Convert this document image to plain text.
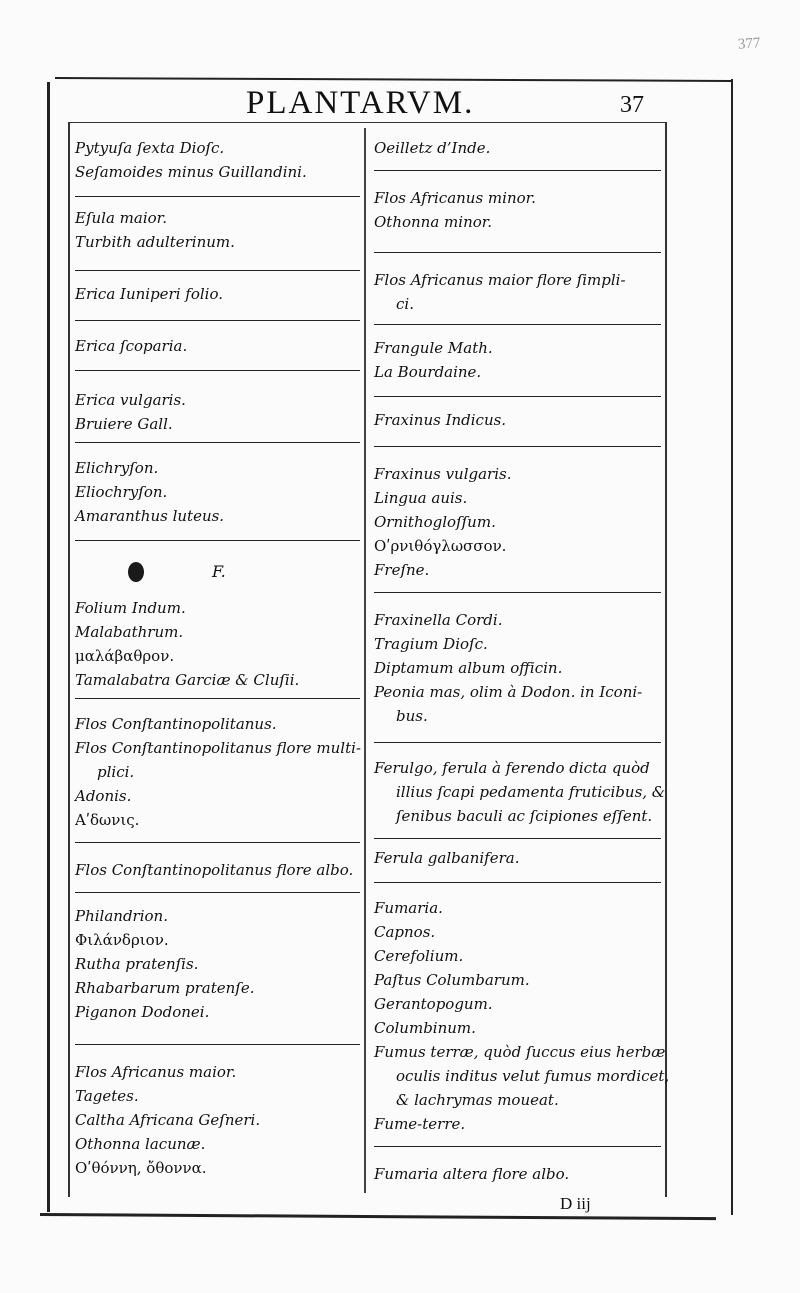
377
PLANTARVM.	37
Pytyuſa ſexta Dioſc.
Seſamoides minus Guillandini.
Eſula maior.
Turbith adulterinum.
Erica Iuniperi folio.
Erica ſcoparia.
Erica vulgaris.
Bruiere Gall.
Elichryſon.
Eliochryſon.
Amaranthus luteus.
F.
Folium Indum.
Malabathrum.
μαλάβαθρον.
Tamalabatra Garciæ & Cluſii.
Flos Conſtantinopolitanus.
Flos Conſtantinopolitanus flore multi-
plici.
Adonis.
Aʹδωνις.
Flos Conſtantinopolitanus flore albo.
Philandrion.
Φιλάνδριον.
Rutha pratenſis.
Rhabarbarum pratenſe.
Piganon Dodonei.
Flos Africanus maior.
Tagetes.
Caltha Africana Geſneri.
Othonna lacunæ.
Oʹθόννη, ὄθοννα.
Oeilletz d’Inde.
Flos Africanus minor.
Othonna minor.
Flos Africanus maior flore ſimpli-
ci.
Frangule Math.
La Bourdaine.
Fraxinus Indicus.
Fraxinus vulgaris.
Lingua auis.
Ornithogloſſum.
Oʹρνιθόγλωσσον.
Freſne.
Fraxinella Cordi.
Tragium Dioſc.
Diptamum album officin.
Peonia mas, olim à Dodon. in Iconi-
bus.
Ferulgo, ferula à ferendo dicta quòd
illius ſcapi pedamenta fruticibus, &
ſenibus baculi ac ſcipiones eſſent.
Ferula galbanifera.
Fumaria.
Capnos.
Cerefolium.
Paſtus Columbarum.
Gerantopogum.
Columbinum.
Fumus terræ, quòd ſuccus eius herbæ
oculis inditus velut fumus mordicet,
& lachrymas moueat.
Fume-terre.
Fumaria altera flore albo.
D iij
